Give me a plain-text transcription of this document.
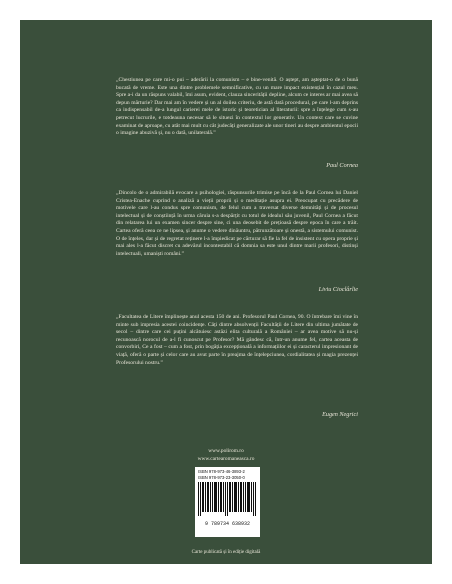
„Chestiunea pe care mi-o pui – aderării la comunism – e bine-venită. O aștept, am așteptat-o de o bună bucată de vreme. Este una dintre problemele semnificative, cu un mare impact existențial în cazul meu. Spre a-i da un răspuns valabil, îmi asum, evident, clauza sincerității depline, alcum ce interes ar mai avea să depun mărturie? Dar mai am în vedere și un al doilea criteriu, de astă dată procedural, pe care l-am deprins ca indispensabil de-a lungul carierei mele de istoric și teoretician al literaturii: spre a înțelege cum s-au petrecut lucrurile, e totdeauna necesar să le situezi în contextul lor generativ. Un context care se cuvine examinat de aproape, cu atât mai mult cu cât judecăți generalizate ale unor tineri au despre ambientul epocii o imagine abuzivă și, nu o dată, unilaterală.”

Paul Cornea

„Dincolo de o admirabilă evocare a psihologiei, răspunsurile trimise pe încă de la Paul Cornea lui Daniel Cristea-Enache cuprind o analiză a vieții proprii și o meditație asupra ei. Preocupat cu precădere de motivele care l-au condus spre comunism, de felul cum a traversat diverse demnități și de procesul intelectual și de conștiință în urma căruia s-a despărțit cu totul de idealul său juvenil, Paul Cornea a făcut din relatarea lui un examen sincer despre sine, ci una deosebit de prețioasă despre epoca în care a trăit. Cartea oferă ceea ce ne lipsea, și anume o vedere dinăuntru, pătrunzătoare și onestă, a sistemului comunist. O de înțeles, dar și de regretat reținere l-a împiedicat pe cărturar să fie la fel de insistent cu opera proprie și mai ales l-a făcut discret cu adevărul incontestabil că domnia sa este unul dintre marii profesori, distinși intelectuali, umaniști români.”

Liviu Cioclârlie

„Facultatea de Litere împlinește anul acesta 150 de ani. Profesorul Paul Cornea, 90. O întrebare îmi vine în minte sub impresia acestei coincidențe. Câți dintre absolvenții Facultății de Litere din ultima jumătate de secol – dintre care cei puțini alcătuiesc astăzi elita culturală a României – ar avea motive să nu-și recunoască norocul de a-l fi cunoscut pe Profesor? Mă gândesc că, într-un anume fel, cartea aceasta de convorbiri, Ce a fost – cum a fost, prin bogăția excepțională a informațiilor ei și caracterul impresionant de viață, oferă o parte și celor care au avut parte în preajma de înțelepciunea, cordialitatea și magia prezenței Profesorului nostru.”

Eugen Negrici
www.polirom.ro
www.cartearomaneasca.ro
ISBN 978-973-46-3893-2
ISBN 978-973-23-3050-0
9 789734 638932
Carte publicată și în ediție digitală
